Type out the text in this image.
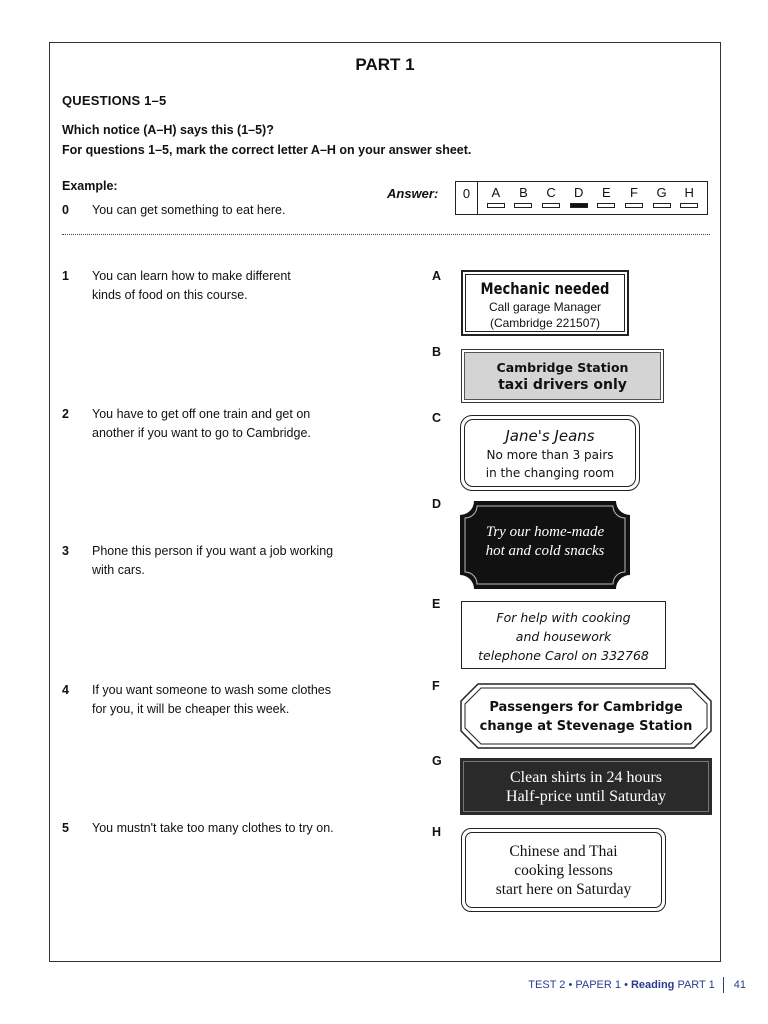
PART 1
QUESTIONS 1–5
Which notice (A–H) says this (1–5)?
For questions 1–5, mark the correct letter A–H on your answer sheet.
Example:
0 You can get something to eat here.
Answer:	0	A B C D E F G H
1 You can learn how to make different
kinds of food on this course.
2 You have to get off one train and get on
another if you want to go to Cambridge.
3 Phone this person if you want a job working
with cars.
4 If you want someone to wash some clothes
for you, it will be cheaper this week.
5 You mustn't take too many clothes to try on.
A
B
C
D
E
F
G
H
Mechanic needed
Call garage Manager
(Cambridge 221507)
Cambridge Station
taxi drivers only
Jane's Jeans
No more than 3 pairs
in the changing room
Try our home-made
hot and cold snacks
For help with cooking
and housework
telephone Carol on 332768
Passengers for Cambridge
change at Stevenage Station
Clean shirts in 24 hours
Half-price until Saturday
Chinese and Thai
cooking lessons
start here on Saturday
TEST 2 • PAPER 1 • Reading
PART 1 41
